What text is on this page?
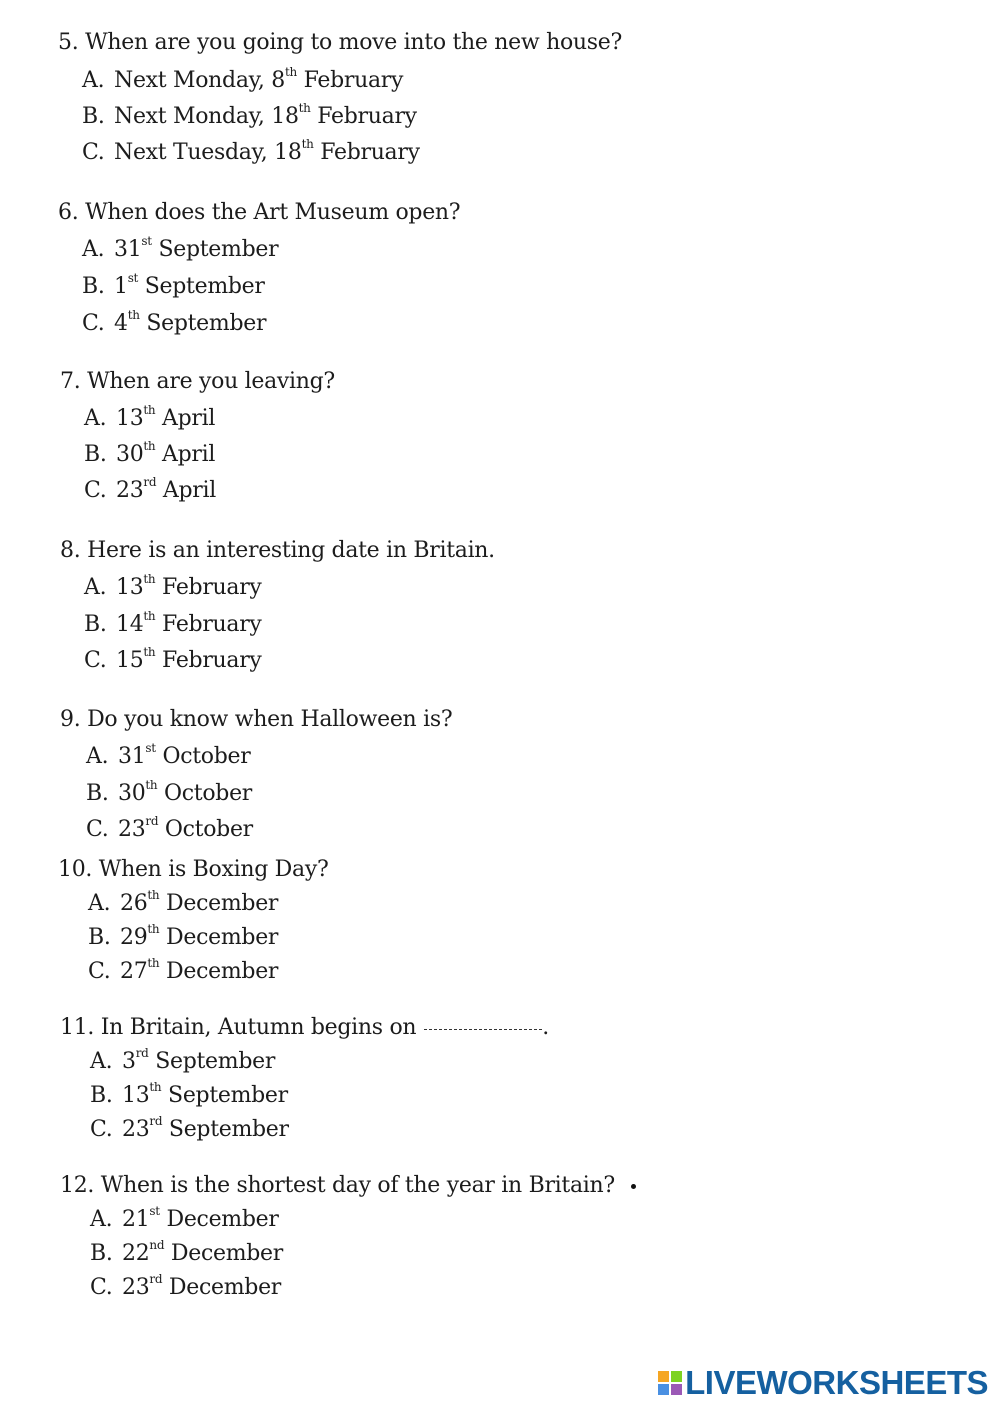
5. When are you going to move into the new house?
A. Next Monday, 8th February
B. Next Monday, 18th February
C. Next Tuesday, 18th February
6. When does the Art Museum open?
A. 31st September
B. 1st September
C. 4th September
7. When are you leaving?
A. 13th April
B. 30th April
C. 23rd April
8. Here is an interesting date in Britain.
A. 13th February
B. 14th February
C. 15th February
9. Do you know when Halloween is?
A. 31st October
B. 30th October
C. 23rd October
10. When is Boxing Day?
A. 26th December
B. 29th December
C. 27th December
11. In Britain, Autumn begins on	.
A. 3rd September
B. 13th September
C. 23rd September
12. When is the shortest day of the year in Britain?
A. 21st December
B. 22nd December
C. 23rd December
LIVEWORKSHEETS
